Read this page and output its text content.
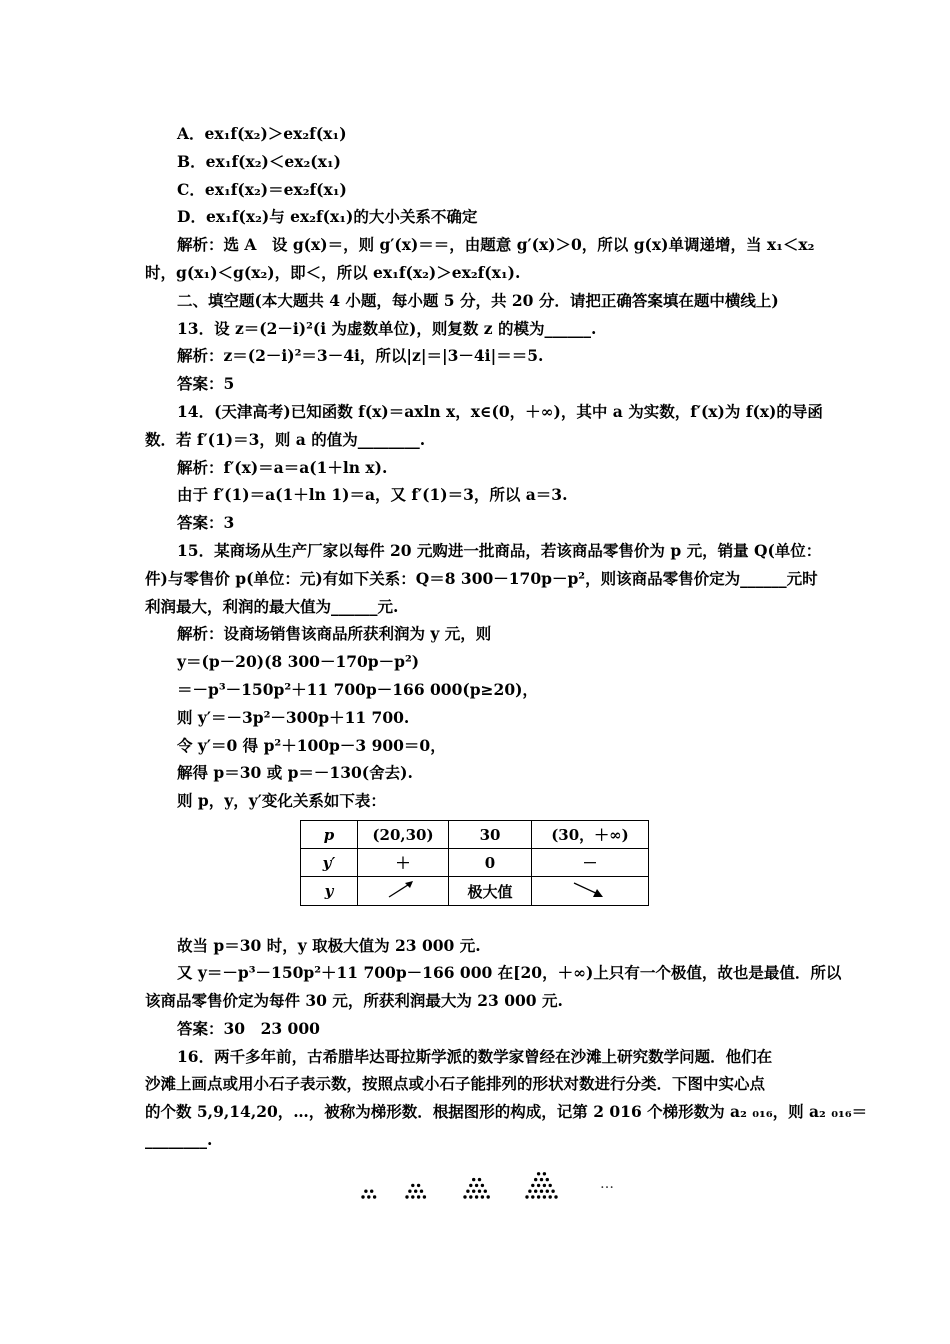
A．ex₁f(x₂)＞ex₂f(x₁)
B．ex₁f(x₂)＜ex₂(x₁)
C．ex₁f(x₂)＝ex₂f(x₁)
D．ex₁f(x₂)与 ex₂f(x₁)的大小关系不确定
解析：选 A　设 g(x)＝，则 g′(x)＝＝，由题意 g′(x)＞0，所以 g(x)单调递增，当 x₁＜x₂
时，g(x₁)＜g(x₂)，即＜，所以 ex₁f(x₂)＞ex₂f(x₁).
二、填空题(本大题共 4 小题，每小题 5 分，共 20 分．请把正确答案填在题中横线上)
13．设 z＝(2－i)²(i 为虚数单位)，则复数 z 的模为______.
解析：z＝(2－i)²＝3－4i，所以|z|＝|3－4i|＝＝5.
答案：5
14．(天津高考)已知函数 f(x)＝axln x，x∈(0，＋∞)，其中 a 为实数，f′(x)为 f(x)的导函
数．若 f′(1)＝3，则 a 的值为________.
解析：f′(x)＝a＝a(1＋ln x).
由于 f′(1)＝a(1＋ln 1)＝a，又 f′(1)＝3，所以 a＝3.
答案：3
15．某商场从生产厂家以每件 20 元购进一批商品，若该商品零售价为 p 元，销量 Q(单位：
件)与零售价 p(单位：元)有如下关系：Q＝8 300－170p－p²，则该商品零售价定为______元时
利润最大，利润的最大值为______元.
解析：设商场销售该商品所获利润为 y 元，则
y＝(p－20)(8 300－170p－p²)
＝－p³－150p²＋11 700p－166 000(p≥20)，
则 y′＝－3p²－300p＋11 700.
令 y′＝0 得 p²＋100p－3 900＝0，
解得 p＝30 或 p＝－130(舍去).
则 p，y，y′变化关系如下表：
p	(20,30)	30	(30，＋∞)
y′	＋	0	－
y		极大值	
故当 p＝30 时，y 取极大值为 23 000 元.
又 y＝－p³－150p²＋11 700p－166 000 在[20，＋∞)上只有一个极值，故也是最值．所以
该商品零售价定为每件 30 元，所获利润最大为 23 000 元.
答案：30　23 000
16．两千多年前，古希腊毕达哥拉斯学派的数学家曾经在沙滩上研究数学问题．他们在
沙滩上画点或用小石子表示数，按照点或小石子能排列的形状对数进行分类．下图中实心点
的个数 5,9,14,20，…，被称为梯形数．根据图形的构成，记第 2 016 个梯形数为 a₂ ₀₁₆，则 a₂ ₀₁₆＝
________.
…
